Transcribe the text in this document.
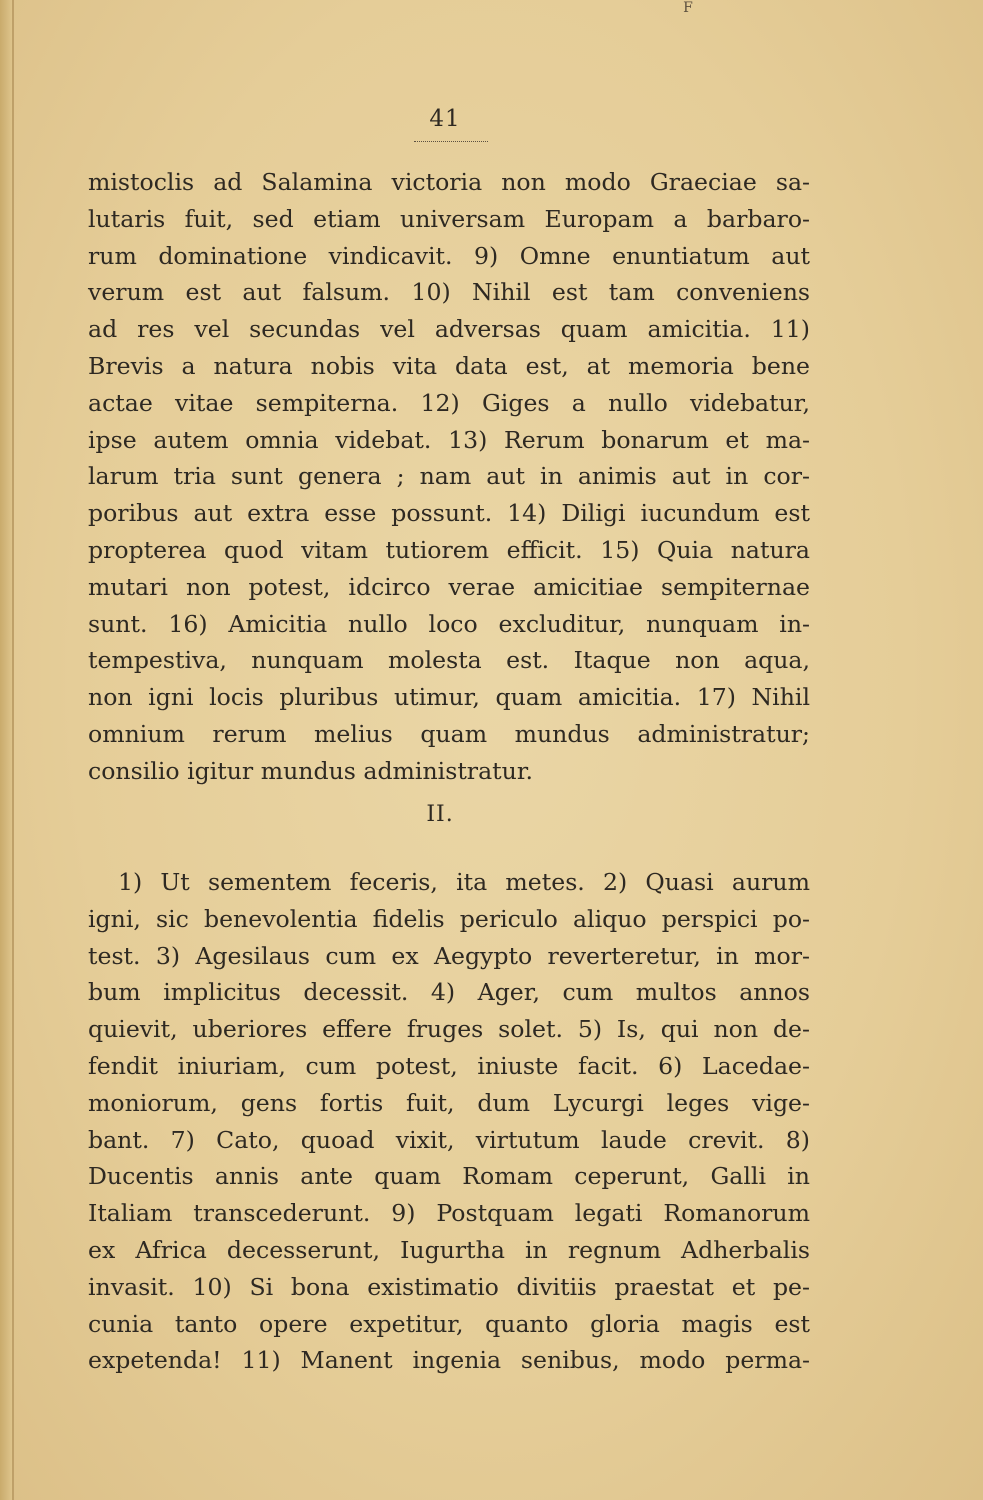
F
41
mistoclis ad Salamina victoria non modo Graeciae sa-
lutaris fuit, sed etiam universam Europam a barbaro-
rum dominatione vindicavit. 9) Omne enuntiatum aut
verum est aut falsum. 10) Nihil est tam conveniens
ad res vel secundas vel adversas quam amicitia. 11)
Brevis a natura nobis vita data est, at memoria bene
actae vitae sempiterna. 12) Giges a nullo videbatur,
ipse autem omnia videbat. 13) Rerum bonarum et ma-
larum tria sunt genera ; nam aut in animis aut in cor-
poribus aut extra esse possunt. 14) Diligi iucundum est
propterea quod vitam tutiorem efficit. 15) Quia natura
mutari non potest, idcirco verae amicitiae sempiternae
sunt. 16) Amicitia nullo loco excluditur, nunquam in-
tempestiva, nunquam molesta est. Itaque non aqua,
non igni locis pluribus utimur, quam amicitia. 17) Nihil
omnium rerum melius quam mundus administratur;
consilio igitur mundus administratur.
II.
1) Ut sementem feceris, ita metes. 2) Quasi aurum
igni, sic benevolentia fidelis periculo aliquo perspici po-
test. 3) Agesilaus cum ex Aegypto reverteretur, in mor-
bum implicitus decessit. 4) Ager, cum multos annos
quievit, uberiores effere fruges solet. 5) Is, qui non de-
fendit iniuriam, cum potest, iniuste facit. 6) Lacedae-
moniorum, gens fortis fuit, dum Lycurgi leges vige-
bant. 7) Cato, quoad vixit, virtutum laude crevit. 8)
Ducentis annis ante quam Romam ceperunt, Galli in
Italiam transcederunt. 9) Postquam legati Romanorum
ex Africa decesserunt, Iugurtha in regnum Adherbalis
invasit. 10) Si bona existimatio divitiis praestat et pe-
cunia tanto opere expetitur, quanto gloria magis est
expetenda! 11) Manent ingenia senibus, modo perma-
